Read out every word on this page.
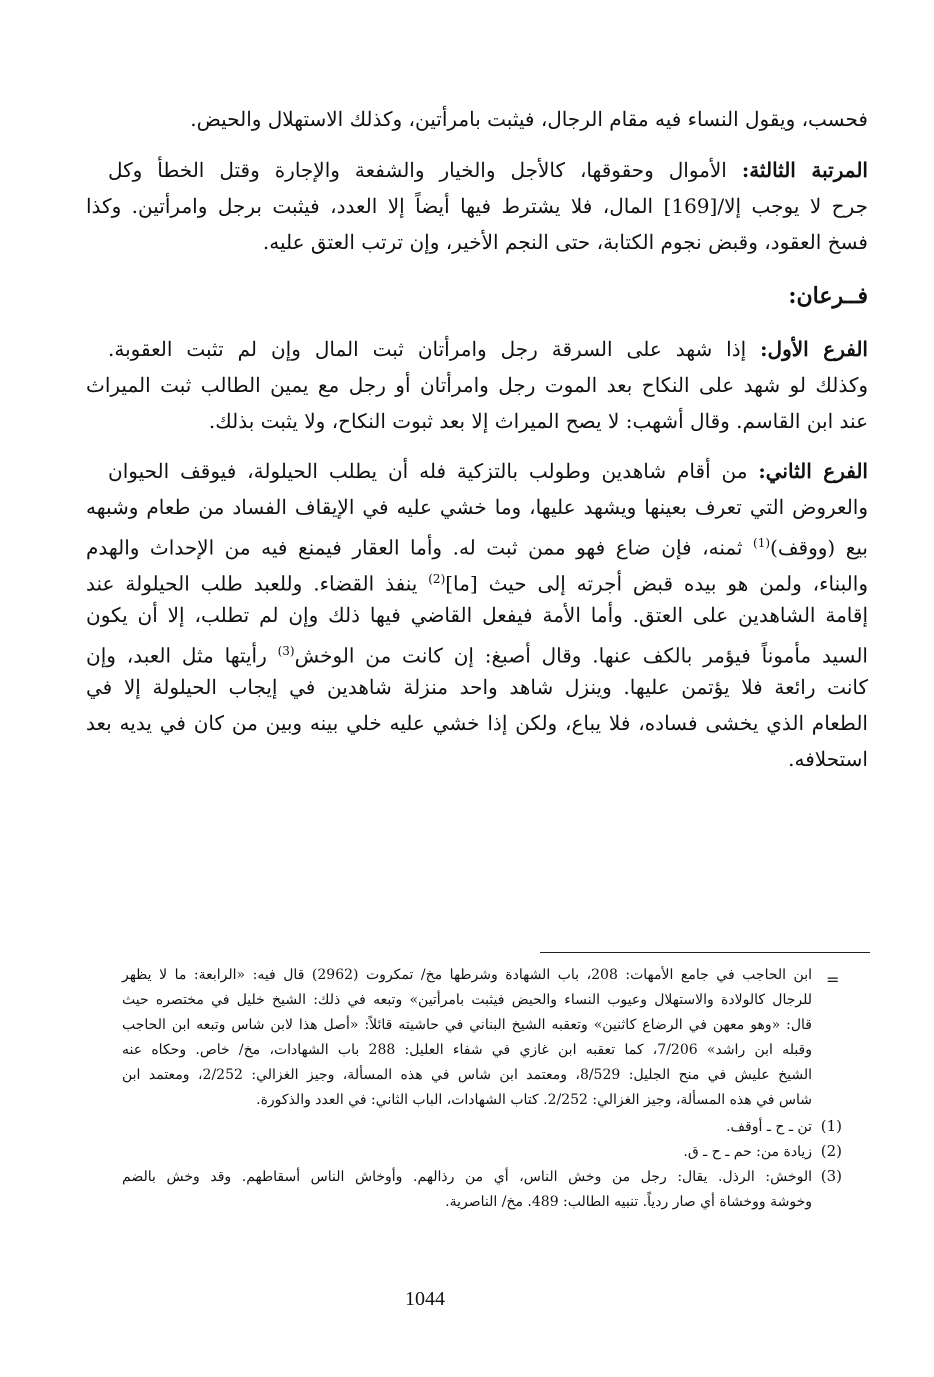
فحسب، ويقول النساء فيه مقام الرجال، فيثبت بامرأتين، وكذلك الاستهلال والحيض.
المرتبة الثالثة: الأموال وحقوقها، كالأجل والخيار والشفعة والإجارة وقتل الخطأ وكل
جرح لا يوجب إلا/[169] المال، فلا يشترط فيها أيضاً إلا العدد، فيثبت برجل وامرأتين. وكذا
فسخ العقود، وقبض نجوم الكتابة، حتى النجم الأخير، وإن ترتب العتق عليه.
فــرعان:
الفرع الأول: إذا شهد على السرقة رجل وامرأتان ثبت المال وإن لم تثبت العقوبة.
وكذلك لو شهد على النكاح بعد الموت رجل وامرأتان أو رجل مع يمين الطالب ثبت الميراث
عند ابن القاسم. وقال أشهب: لا يصح الميراث إلا بعد ثبوت النكاح، ولا يثبت بذلك.
الفرع الثاني: من أقام شاهدين وطولب بالتزكية فله أن يطلب الحيلولة، فيوقف الحيوان
والعروض التي تعرف بعينها ويشهد عليها، وما خشي عليه في الإيقاف الفساد من طعام وشبهه
بيع (ووقف)$^{(1)}$ ثمنه، فإن ضاع فهو ممن ثبت له. وأما العقار فيمنع فيه من الإحداث والهدم
والبناء، ولمن هو بيده قبض أجرته إلى حيث [ما]$^{(2)}$ ينفذ القضاء. وللعبد طلب الحيلولة عند
إقامة الشاهدين على العتق. وأما الأمة فيفعل القاضي فيها ذلك وإن لم تطلب، إلا أن يكون
السيد مأموناً فيؤمر بالكف عنها. وقال أصبغ: إن كانت من الوخش$^{(3)}$ رأيتها مثل العبد، وإن
كانت رائعة فلا يؤتمن عليها. وينزل شاهد واحد منزلة شاهدين في إيجاب الحيلولة إلا في
الطعام الذي يخشى فساده، فلا يباع، ولكن إذا خشي عليه خلي بينه وبين من كان في يديه بعد
استحلافه.
=
ابن الحاجب في جامع الأمهات: 208، باب الشهادة وشرطها مخ/ تمكروت (2962) قال فيه: «الرابعة: ما لا يظهر
للرجال كالولادة والاستهلال وعيوب النساء والحيض فيثبت بامرأتين» وتبعه في ذلك: الشيخ خليل في مختصره حيث
قال: «وهو معهن في الرضاع كاثنين» وتعقبه الشيخ البناني في حاشيته قائلاً: «أصل هذا لابن شاس وتبعه ابن الحاجب
وقبله ابن راشد» 7/206، كما تعقبه ابن غازي في شفاء العليل: 288 باب الشهادات، مخ/ خاص. وحكاه عنه
الشيخ عليش في منح الجليل: 8/529، ومعتمد ابن شاس في هذه المسألة، وجيز الغزالي: 2/252، ومعتمد ابن
شاس في هذه المسألة، وجيز الغزالي: 2/252. كتاب الشهادات، الباب الثاني: في العدد والذكورة.
(1)
تن ـ ح ـ أوقف.
(2)
زيادة من: حم ـ ح ـ ق.
(3)
الوخش: الرذل. يقال: رجل من وخش الناس، أي من رذالهم. وأوخاش الناس أسقاطهم. وقد وخش بالضم
وخوشة ووخشاة أي صار ردياً. تنبيه الطالب: 489. مخ/ الناصرية.
1044
